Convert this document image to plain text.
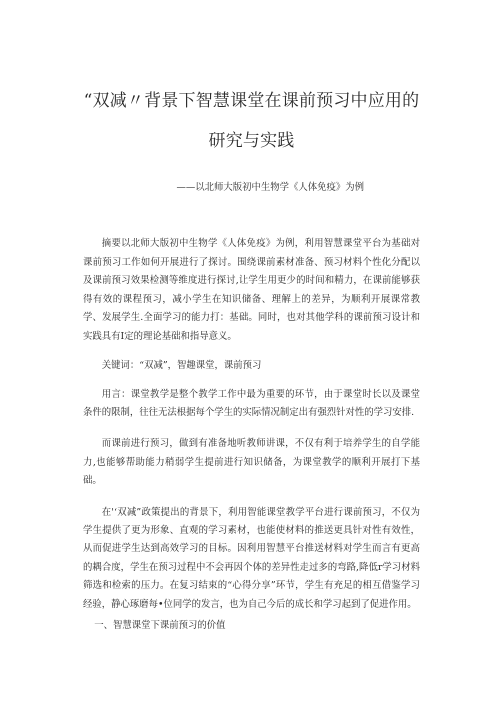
“双减〃背景下智慧课堂在课前预习中应用的
研究与实践
——以北师大版初中生物学《人体免疫》为例

摘要以北师大版初中生物学《人体免疫》为例，利用智慧课堂平台为基础对课前预习工作如何开展进行了探讨。围绕课前素材准备、预习材料个性化分配以及课前预习效果检测等维度进行探讨,让学生用更少的时间和精力，在课前能够获得有效的课程预习，减小学生在知识储备、理解上的差异，为顺利开展课常教学、发展学生.全面学习的能力打：基础。同时，也对其他学科的课前预习设计和实践具有I定的理论基础和指导意义。

关键词：“双减”，智趣课堂，课前预习

用言：课堂教学是整个教学工作中最为重要的环节，由于课堂时长以及课堂条件的限制，往往无法根据每个学生的实际情况制定出有强烈针对性的学习安排.

而课前进行预习，做到有准备地听教师讲课，不仅有利于培养学生的自学能力,也能够帮助能力稍弱学生提前进行知识储备，为课堂教学的顺利开展打下基础。

在'‘双减”政策提出的背景下，利用智能课堂教学平台进行课前预习，不仅为学生提供了更为形象、直观的学习素材，也能使材料的推送更具针对性有效性，从而促进学生达到高效学习的目标。因利用智慧平台推送材料对学生而言有更高的耦合度，学生在预习过程中不会再因个体的差异性走过多的弯路,降低r学习材料筛选和检索的压力。在复习结束的“心得分享”环节，学生有充足的相互借鉴学习经验，静心琢磨每•位同学的发言，也为自己今后的成长和学习起到了促进作用。

一、智慧课堂下课前预习的价值
